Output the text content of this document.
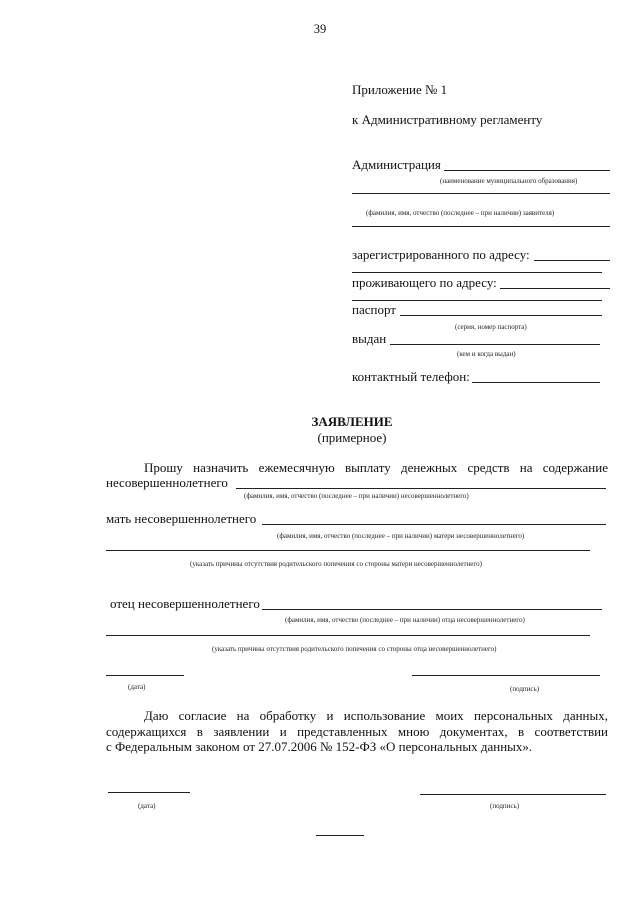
39
Приложение № 1
к Административному регламенту
Администрация
(наименование муниципального образования)
(фамилия, имя, отчество (последнее – при наличии) заявителя)
зарегистрированного по адресу:
проживающего по адресу:
паспорт
(серия, номер паспорта)
выдан
(кем и когда выдан)
контактный телефон:
ЗАЯВЛЕНИЕ
(примерное)
Прошу назначить ежемесячную выплату денежных средств на содержание
несовершеннолетнего
(фамилия, имя, отчество (последнее – при наличии) несовершеннолетнего)
мать несовершеннолетнего
(фамилия, имя, отчество (последнее – при наличии) матери несовершеннолетнего)
(указать причины отсутствия родительского попечения со стороны матери несовершеннолетнего)
отец несовершеннолетнего
(фамилия, имя, отчество (последнее – при наличии) отца несовершеннолетнего)
(указать причины отсутствия родительского попечения со стороны отца несовершеннолетнего)
(дата)	(подпись)
Даю согласие на обработку и использование моих персональных данных,
содержащихся в заявлении и представленных мною документах, в соответствии
с Федеральным законом от 27.07.2006 № 152-ФЗ «О персональных данных».
(дата)	(подпись)
